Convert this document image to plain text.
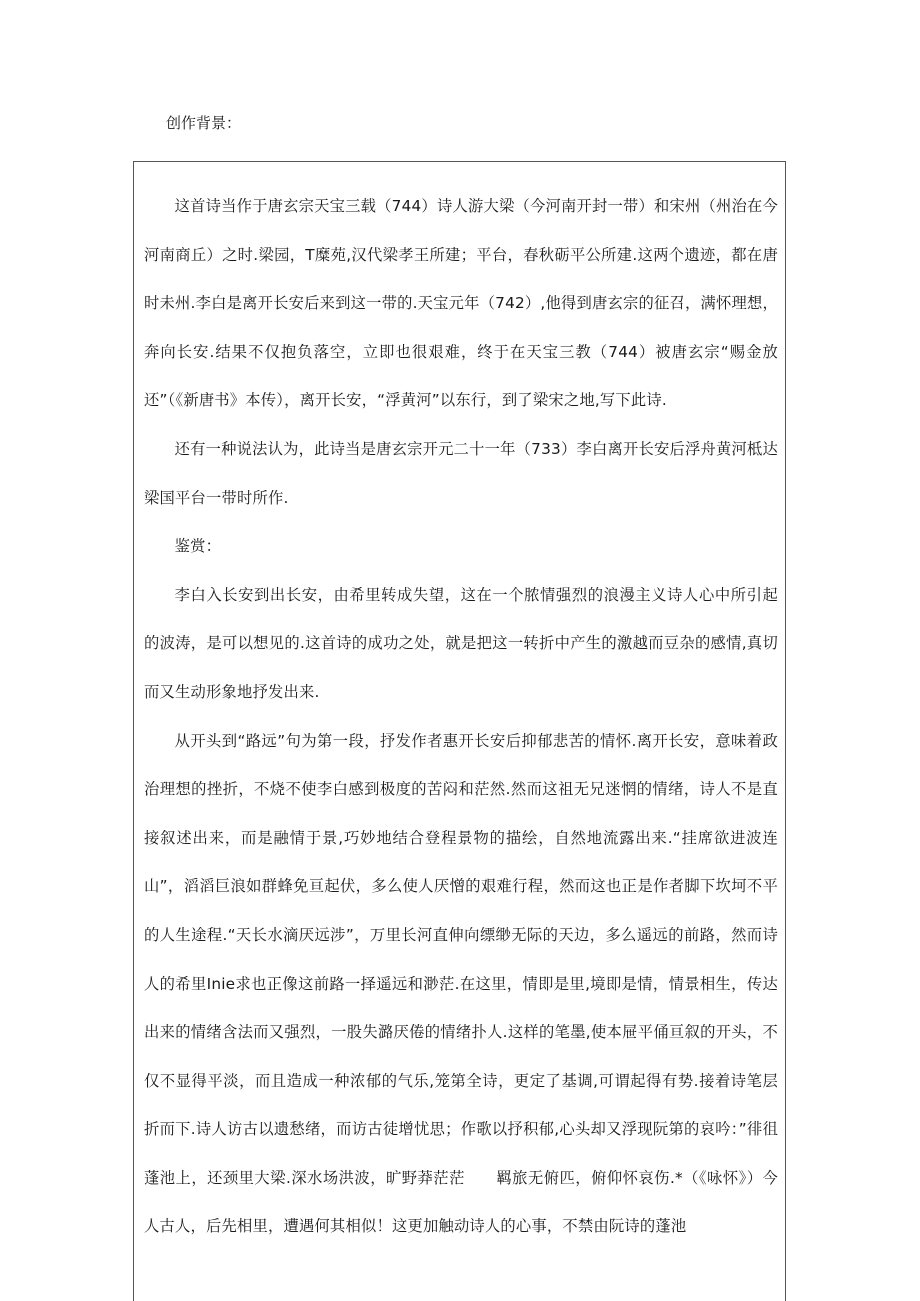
创作背景：

这首诗当作于唐玄宗天宝三载（744）诗人游大梁（今河南开封一带）和宋州（州治在今河南商丘）之时.梁园，T糜苑,汉代梁孝王所建；平台，春秋砺平公所建.这两个遗迹，都在唐时未州.李白是离开长安后来到这一带的.天宝元年（742）,他得到唐玄宗的征召，满怀理想，奔向长安.结果不仅抱负落空，立即也很艰难，终于在天宝三教（744）被唐玄宗“赐金放还”（《新唐书》本传），离开长安，“浮黄河”以东行，到了梁宋之地,写下此诗.

还有一种说法认为，此诗当是唐玄宗开元二十一年（733）李白离开长安后浮舟黄河柢达梁国平台一带时所作.

鉴赏：

李白入长安到出长安，由希里转成失望，这在一个脓情强烈的浪漫主义诗人心中所引起的波涛，是可以想见的.这首诗的成功之处，就是把这一转折中产生的激越而豆杂的感情,真切而又生动形象地抒发出来.

从开头到“路远”句为第一段，抒发作者惠开长安后抑郁悲苦的情怀.离开长安，意味着政治理想的挫折，不烧不使李白感到极度的苦闷和茫然.然而这祖无兄迷惘的情绪，诗人不是直接叙述出来，而是融情于景,巧妙地结合登程景物的描绘，自然地流露出来.“挂席欲进波连山”，滔滔巨浪如群蜂免亘起伏，多么使人厌憎的艰难行程，然而这也正是作者脚下坎坷不平的人生途程.“天长水滴厌远涉”，万里长河直伸向缥缈无际的天边，多么遥远的前路，然而诗人的希里Inie求也正像这前路一择遥远和渺茫.在这里，情即是里,境即是情，情景相生，传达出来的情绪含法而又强烈，一股失潞厌倦的情绪扑人.这样的笔墨,使本屉平俑亘叙的开头，不仅不显得平淡，而且造成一种浓郁的气乐,笼第全诗，更定了基调,可谓起得有势.接着诗笔层折而下.诗人访古以遗愁绪，而访古徒增忧思；作歌以抒积郁,心头却又浮现阮第的哀吟：”徘徂蓬池上，还颈里大梁.深水场洪波，旷野莽茫茫　　羁旅无俯匹，俯仰怀哀伤.*（《咏怀》）今人古人，后先相里，遭遇何其相似！这更加触动诗人的心事，不禁由阮诗的蓬池
